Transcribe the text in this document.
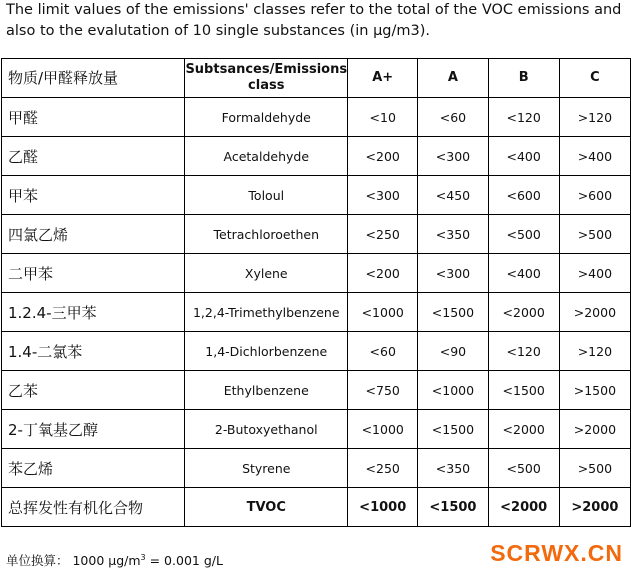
The limit values of the emissions' classes refer to the total of the VOC emissions and also to the evalutation of 10 single substances (in µg/m3).
物质/甲醛释放量	Subtsances/Emissions class	A+	A	B	C
甲醛	Formaldehyde	<10	<60	<120	>120
乙醛	Acetaldehyde	<200	<300	<400	>400
甲苯	Toloul	<300	<450	<600	>600
四氯乙烯	Tetrachloroethen	<250	<350	<500	>500
二甲苯	Xylene	<200	<300	<400	>400
1.2.4-三甲苯	1,2,4-Trimethylbenzene	<1000	<1500	<2000	>2000
1.4-二氯苯	1,4-Dichlorbenzene	<60	<90	<120	>120
乙苯	Ethylbenzene	<750	<1000	<1500	>1500
2-丁氧基乙醇	2-Butoxyethanol	<1000	<1500	<2000	>2000
苯乙烯	Styrene	<250	<350	<500	>500
总挥发性有机化合物	TVOC	<1000	<1500	<2000	>2000
单位换算： 1000 $\mu g/m^3 = 0.001$ g/L	SCRWX.CN
